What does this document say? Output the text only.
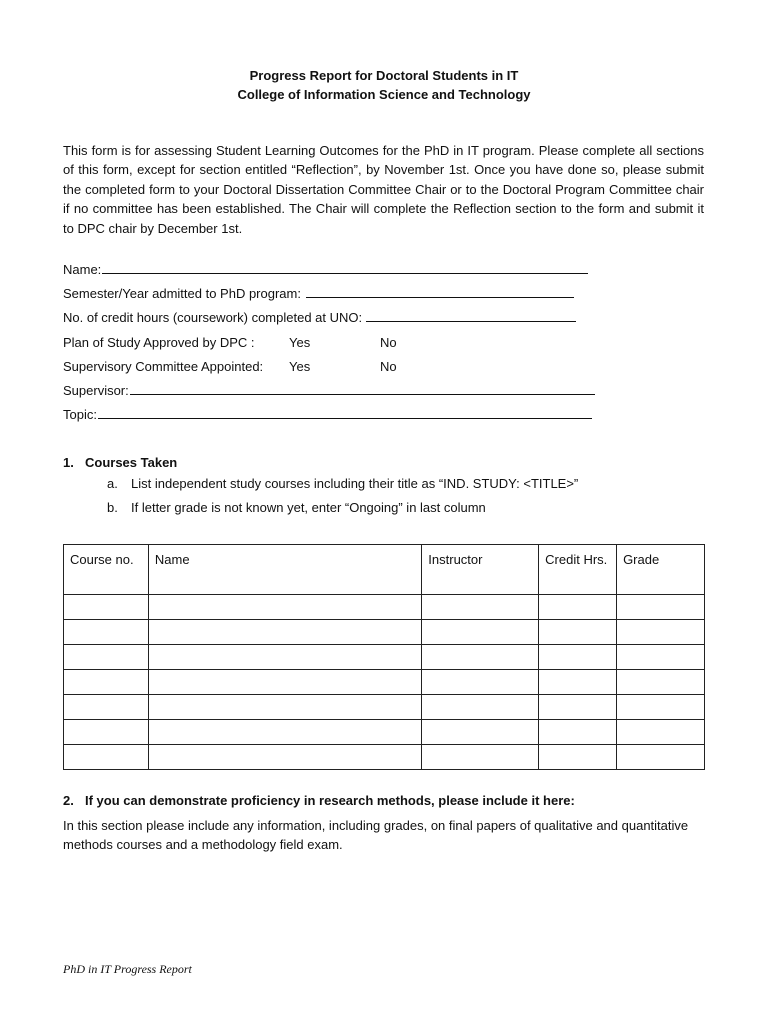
Progress Report for Doctoral Students in IT
College of Information Science and Technology
This form is for assessing Student Learning Outcomes for the PhD in IT program. Please complete all sections of this form, except for section entitled “Reflection”, by November 1st. Once you have done so, please submit the completed form to your Doctoral Dissertation Committee Chair or to the Doctoral Program Committee chair if no committee has been established. The Chair will complete the Reflection section to the form and submit it to DPC chair by December 1st.
Name:
Semester/Year admitted to PhD program:
No. of credit hours (coursework) completed at UNO:
Plan of Study Approved by DPC :	Yes	No
Supervisory Committee Appointed:	Yes	No
Supervisor:
Topic:
1. Courses Taken
a.	List independent study courses including their title as “IND. STUDY: <TITLE>”
b.	If letter grade is not known yet, enter “Ongoing” in last column
Course no.	Name	Instructor	Credit Hrs.	Grade

2. If you can demonstrate proficiency in research methods, please include it here:
In this section please include any information, including grades, on final papers of qualitative and quantitative methods courses and a methodology field exam.
PhD in IT Progress Report
